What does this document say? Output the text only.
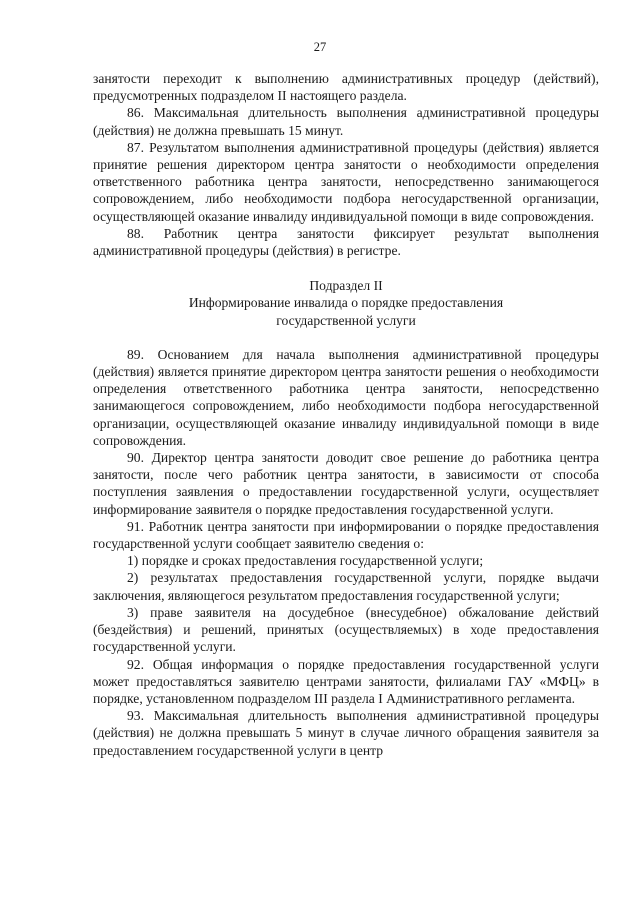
27

занятости переходит к выполнению административных процедур (действий), предусмотренных подразделом II настоящего раздела.

86. Максимальная длительность выполнения административной процедуры (действия) не должна превышать 15 минут.

87. Результатом выполнения административной процедуры (действия) является принятие решения директором центра занятости о необходимости определения ответственного работника центра занятости, непосредственно занимающегося сопровождением, либо необходимости подбора негосударственной организации, осуществляющей оказание инвалиду индивидуальной помощи в виде сопровождения.

88. Работник центра занятости фиксирует результат выполнения административной процедуры (действия) в регистре.

Подраздел II
Информирование инвалида о порядке предоставления
государственной услуги

89. Основанием для начала выполнения административной процедуры (действия) является принятие директором центра занятости решения о необходимости определения ответственного работника центра занятости, непосредственно занимающегося сопровождением, либо необходимости подбора негосударственной организации, осуществляющей оказание инвалиду индивидуальной помощи в виде сопровождения.

90. Директор центра занятости доводит свое решение до работника центра занятости, после чего работник центра занятости, в зависимости от способа поступления заявления о предоставлении государственной услуги, осуществляет информирование заявителя о порядке предоставления государственной услуги.

91. Работник центра занятости при информировании о порядке предоставления государственной услуги сообщает заявителю сведения о:

1) порядке и сроках предоставления государственной услуги;

2) результатах предоставления государственной услуги, порядке выдачи заключения, являющегося результатом предоставления государственной услуги;

3) праве заявителя на досудебное (внесудебное) обжалование действий (бездействия) и решений, принятых (осуществляемых) в ходе предоставления государственной услуги.

92. Общая информация о порядке предоставления государственной услуги может предоставляться заявителю центрами занятости, филиалами ГАУ «МФЦ» в порядке, установленном подразделом III раздела I Административного регламента.

93. Максимальная длительность выполнения административной процедуры (действия) не должна превышать 5 минут в случае личного обращения заявителя за предоставлением государственной услуги в центр
